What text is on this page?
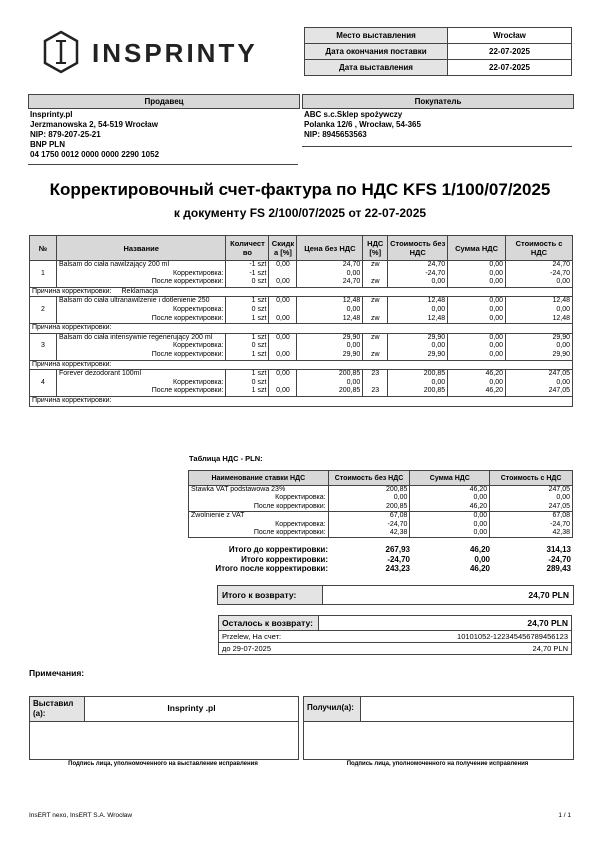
INSPRINTY
Место выставления	Wrocław
Дата окончания поставки	22-07-2025
Дата выставления	22-07-2025
Продавец	Покупатель
Insprinty.pl
Jerzmanowska 2, 54-519 Wrocław
NIP: 879-207-25-21
BNP PLN
04 1750 0012 0000 0000 2290 1052
ABC s.c.Sklep spożywczy
Polanka 12/6 , Wrocław, 54-365
NIP: 8945653563
Корректировочный счет-фактура по НДС KFS 1/100/07/2025
к документу FS 2/100/07/2025 от 22-07-2025
№	Название	Количест во	Скидк а [%]	Цена без НДС	НДС [%]	Стоимость без НДС	Сумма НДС	Стоимость с НДС
1	Balsam do ciała nawilżający 200 ml	-1 szt	0,00	24,70	zw	24,70	0,00	24,70
	Корректировка:	-1 szt		0,00		-24,70	0,00	-24,70
	После корректировки:	0 szt	0,00	24,70	zw	0,00	0,00	0,00
Причина корректировки: Reklamacja								
2	Balsam do ciała ultranawilżenie i dotlenienie 250	1 szt	0,00	12,48	zw	12,48	0,00	12,48
	Корректировка:	0 szt		0,00		0,00	0,00	0,00
	После корректировки:	1 szt	0,00	12,48	zw	12,48	0,00	12,48
Причина корректировки:								
3	Balsam do ciała intensywnie regenerujący 200 ml	1 szt	0,00	29,90	zw	29,90	0,00	29,90
	Корректировка:	0 szt		0,00		0,00	0,00	0,00
	После корректировки:	1 szt	0,00	29,90	zw	29,90	0,00	29,90
Причина корректировки:								
4	Forever dezodorant 100ml	1 szt	0,00	200,85	23	200,85	46,20	247,05
	Корректировка:	0 szt		0,00		0,00	0,00	0,00
	После корректировки:	1 szt	0,00	200,85	23	200,85	46,20	247,05
Причина корректировки:								
Таблица НДС - PLN:
Наименование ставки НДС	Стоимость без НДС	Сумма НДС	Стоимость с НДС
Stawka VAT podstawowa 23%	200,85	46,20	247,05
Корректировка:	0,00	0,00	0,00
После корректировки:	200,85	46,20	247,05
Zwolnienie z VAT	67,08	0,00	67,08
Корректировка:	-24,70	0,00	-24,70
После корректировки:	42,38	0,00	42,38
Итого до корректировки:	267,93	46,20	314,13
Итого корректировки:	-24,70	0,00	-24,70
Итого после корректировки:	243,23	46,20	289,43
Итого к возврату:	24,70 PLN
Осталось к возврату:	24,70 PLN

Przelew, На счет:	10101052-122345456789456123

до 29-07-2025	24,70 PLN
Примечания:
Выставил (а):
Insprinty .pl	Получил(а):
Подпись лица, уполномоченного на выставление исправления	Подпись лица, уполномоченного на получение исправления
InsERT nexo, InsERT S.A. Wrocław	1 / 1
